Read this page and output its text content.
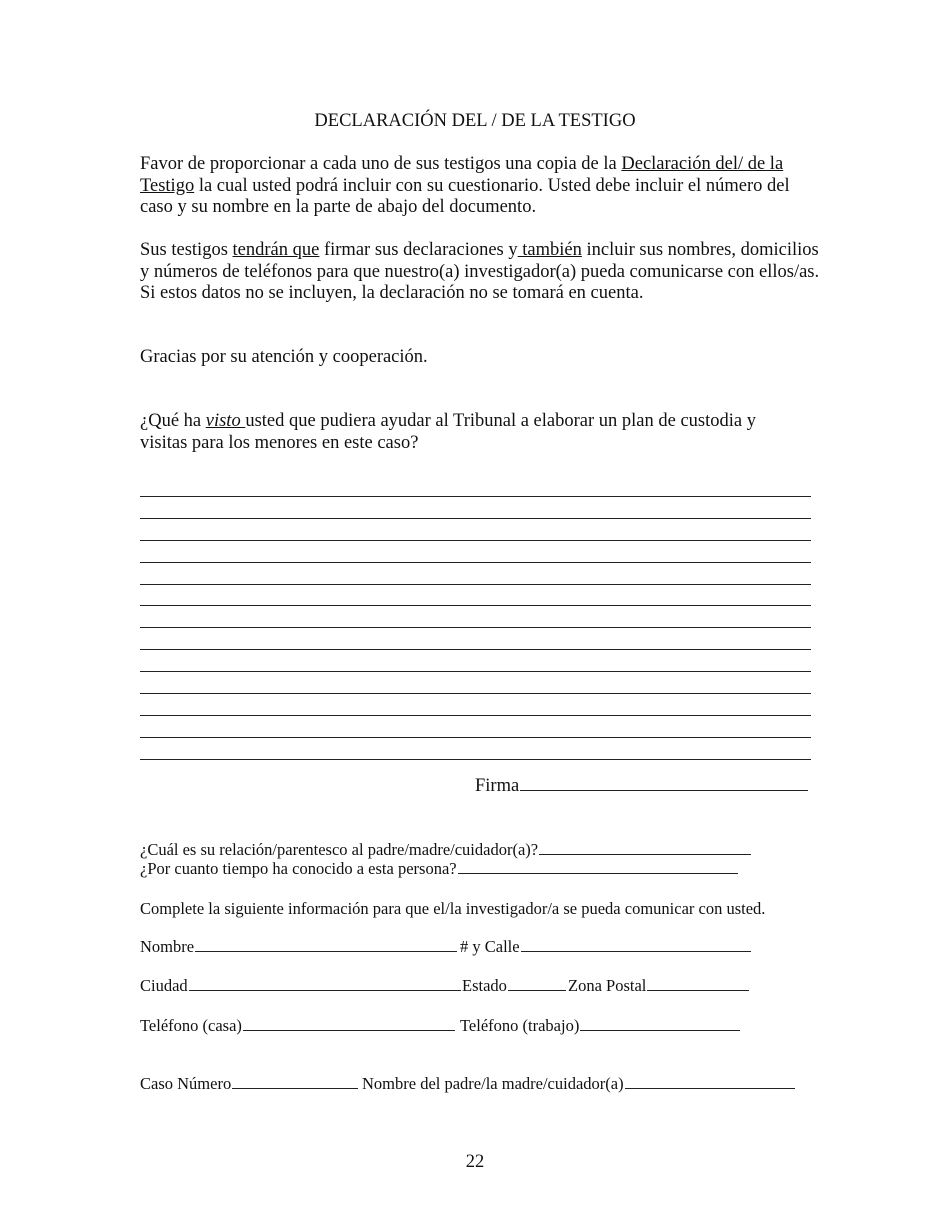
DECLARACIÓN DEL / DE LA TESTIGO

Favor de proporcionar a cada uno de sus testigos una copia de la Declaración del/ de la
Testigo la cual usted podrá incluir con su cuestionario. Usted debe incluir el número del caso y su nombre en la parte de abajo del documento.

Sus testigos tendrán que firmar sus declaraciones y también incluir sus nombres, domicilios y números de teléfonos para que nuestro(a) investigador(a) pueda comunicarse con ellos/as. Si estos datos no se incluyen, la declaración no se tomará en cuenta.

Gracias por su atención y cooperación.

¿Qué ha visto usted que pudiera ayudar al Tribunal a elaborar un plan de custodia y visitas para los menores en este caso?

Firma
¿Cuál es su relación/parentesco al padre/madre/cuidador(a)?
¿Por cuanto tiempo ha conocido a esta persona?
Complete la siguiente información para que el/la investigador/a se pueda comunicar con usted.
Nombre	# y Calle
Ciudad	Estado	Zona Postal
Teléfono (casa)	Teléfono (trabajo)
Caso Número	Nombre del padre/la madre/cuidador(a)
22
